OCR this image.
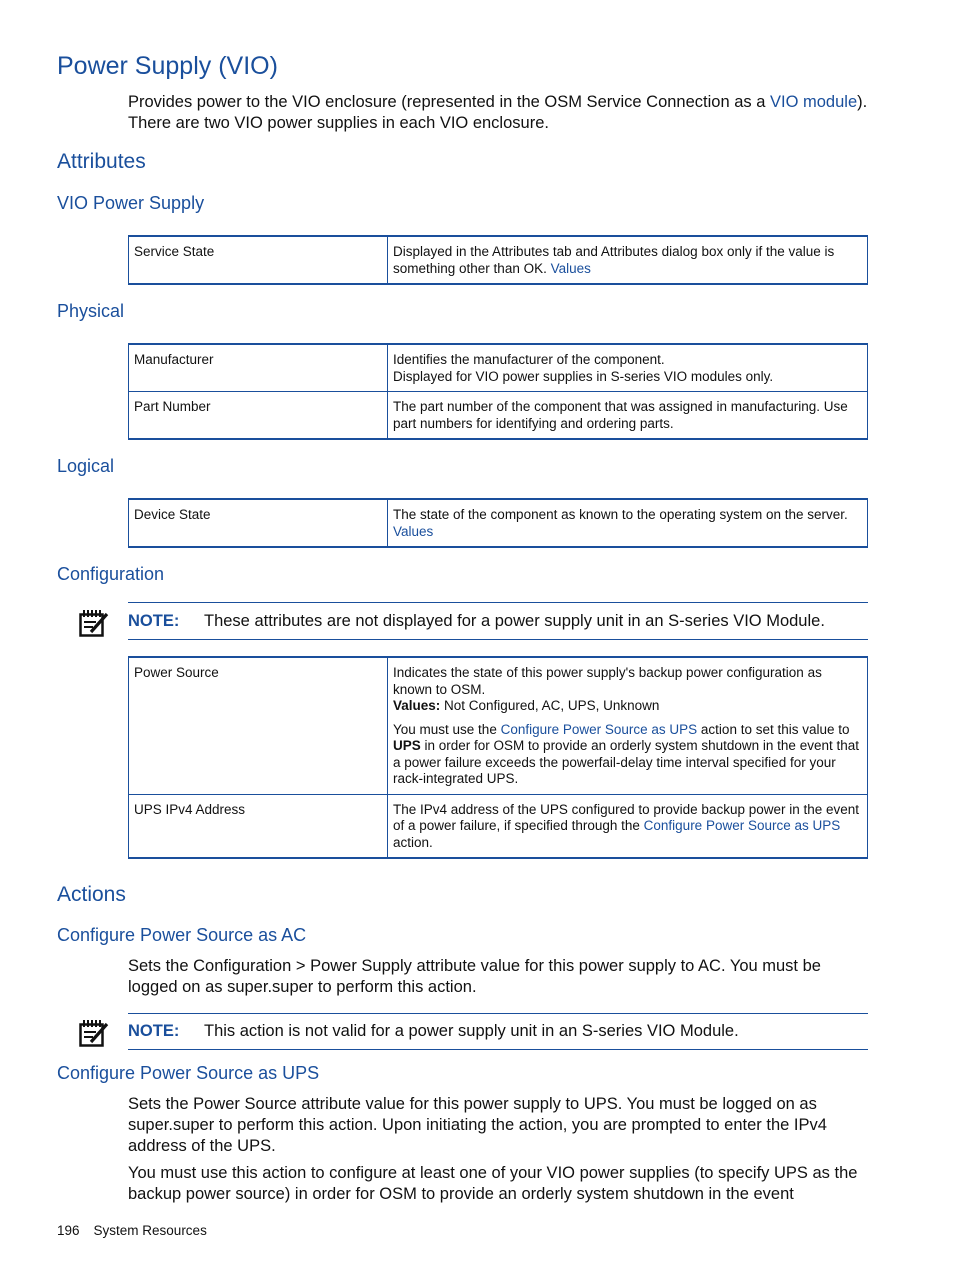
Power Supply (VIO)
Provides power to the VIO enclosure (represented in the OSM Service Connection as a VIO module). There are two VIO power supplies in each VIO enclosure.
Attributes
VIO Power Supply
Service State	Displayed in the Attributes tab and Attributes dialog box only if the value is something other than OK. Values
Physical
Manufacturer	Identifies the manufacturer of the component.
Displayed for VIO power supplies in S-series VIO modules only.

Part Number	The part number of the component that was assigned in manufacturing. Use part numbers for identifying and ordering parts.
Logical
Device State	The state of the component as known to the operating system on the server. Values
Configuration
NOTE:	These attributes are not displayed for a power supply unit in an S-series VIO Module.
Power Source	Indicates the state of this power supply's backup power configuration as known to OSM.
Values: Not Configured, AC, UPS, Unknown

You must use the Configure Power Source as UPS action to set this value to UPS in order for OSM to provide an orderly system shutdown in the event that a power failure exceeds the powerfail-delay time interval specified for your rack-integrated UPS.

UPS IPv4 Address	The IPv4 address of the UPS configured to provide backup power in the event of a power failure, if specified through the Configure Power Source as UPS action.
Actions
Configure Power Source as AC
Sets the Configuration > Power Supply attribute value for this power supply to AC. You must be logged on as super.super to perform this action.
NOTE:	This action is not valid for a power supply unit in an S-series VIO Module.
Configure Power Source as UPS
Sets the Power Source attribute value for this power supply to UPS. You must be logged on as super.super to perform this action. Upon initiating the action, you are prompted to enter the IPv4 address of the UPS.
You must use this action to configure at least one of your VIO power supplies (to specify UPS as the backup power source) in order for OSM to provide an orderly system shutdown in the event
196 System Resources
